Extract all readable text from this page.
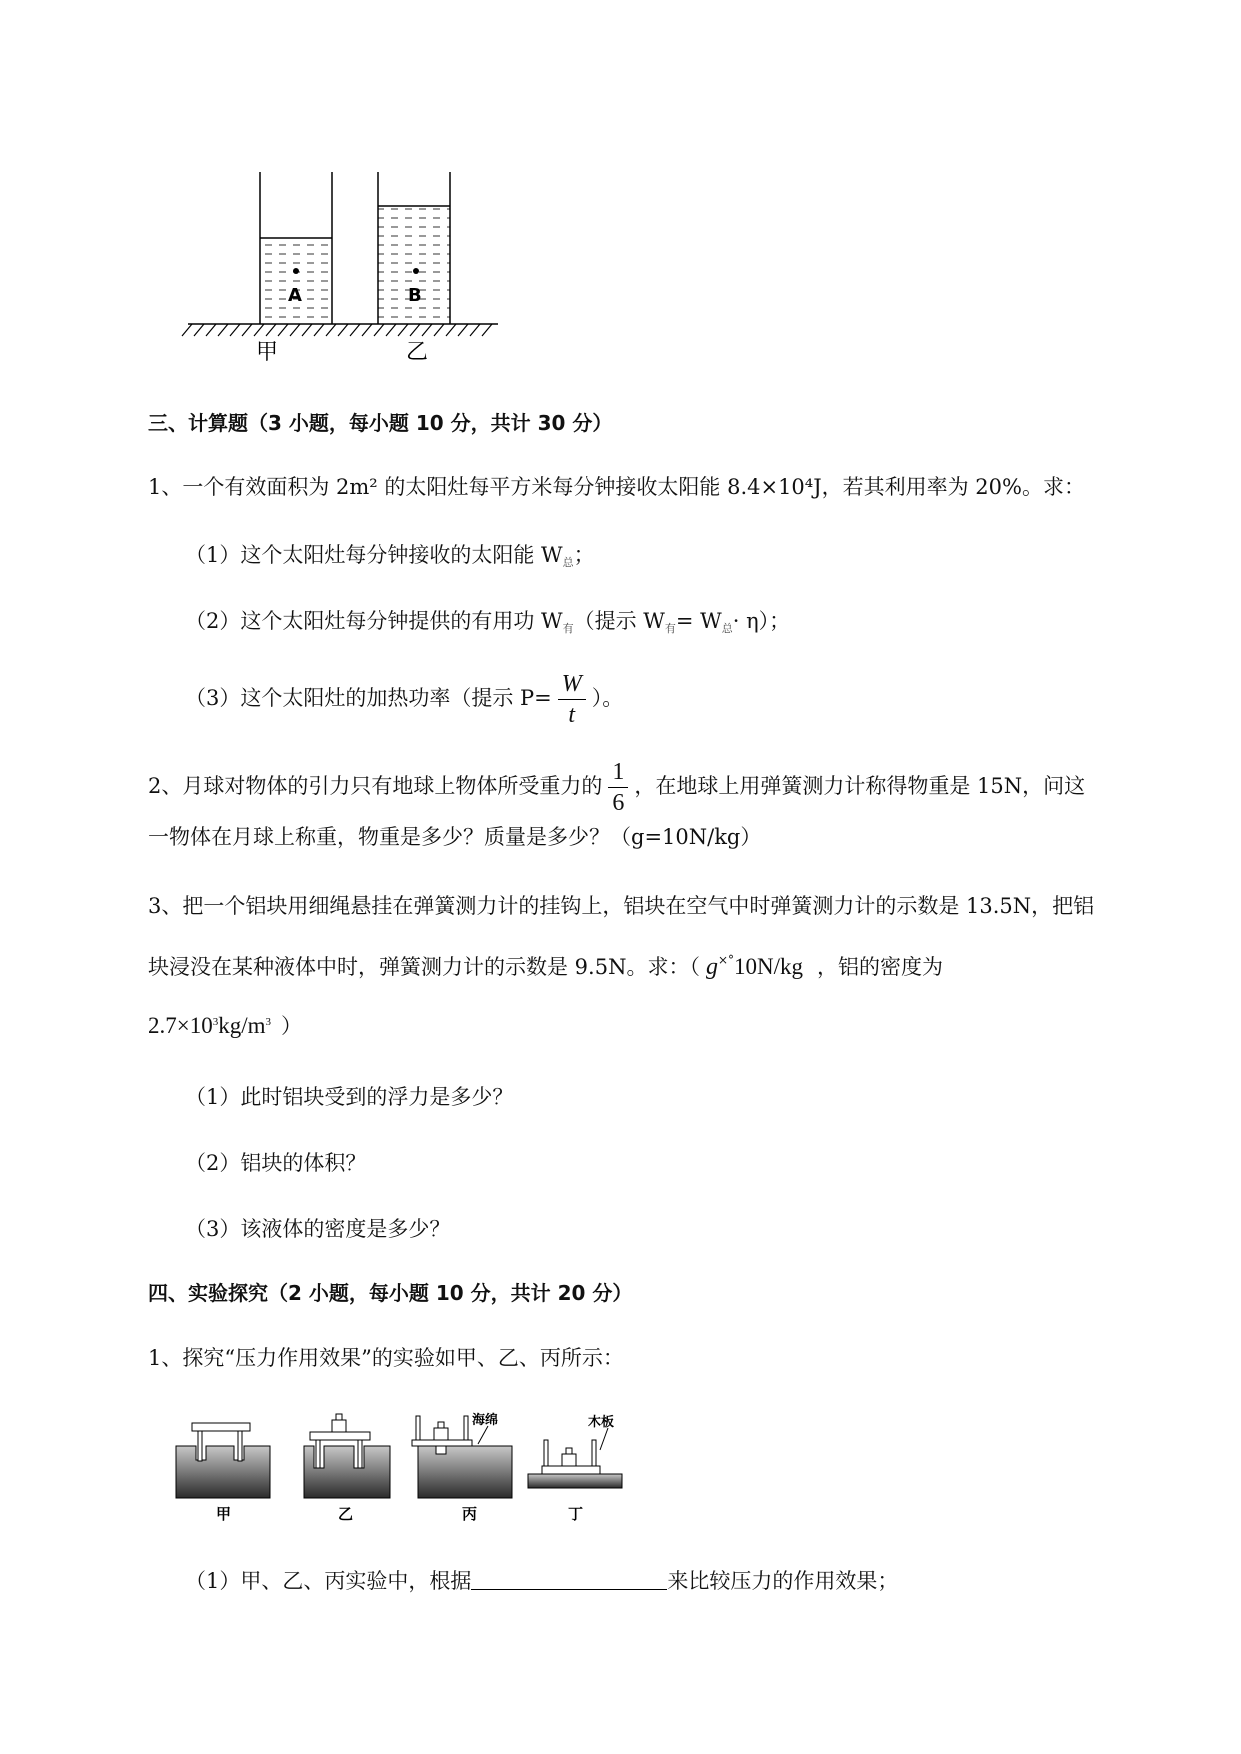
A	B
甲	乙
三、计算题（3 小题，每小题 10 分，共计 30 分）
1、一个有效面积为 2m² 的太阳灶每平方米每分钟接收太阳能 8.4×10⁴J，若其利用率为 20%。求：
（1）这个太阳灶每分钟接收的太阳能 $W_总$；
（2）这个太阳灶每分钟提供的有用功 $W_有$（提示 $W_有= W_总\cdot \eta$）；
（3）这个太阳灶的加热功率（提示 $P= \frac{W}{t}$ ）。
2、月球对物体的引力只有地球上物体所受重力的 $\frac{1}{6}$ ，在地球上用弹簧测力计称得物重是 15N，问这
一物体在月球上称重，物重是多少？质量是多少？（g=10N/kg）
3、把一个铝块用细绳悬挂在弹簧测力计的挂钩上，铝块在空气中时弹簧测力计的示数是 13.5N，把铝
块浸没在某种液体中时，弹簧测力计的示数是 9.5N。求：（ g×°10N/kg ，铝的密度为
$2.7\times 10^3kg/m^3$ ）
（1）此时铝块受到的浮力是多少？
（2）铝块的体积？
（3）该液体的密度是多少？
四、实验探究（2 小题，每小题 10 分，共计 20 分）
1、探究“压力作用效果”的实验如甲、乙、丙所示：
甲	乙
海绵
丙
木板
丁
（1）甲、乙、丙实验中，根据	来比较压力的作用效果；
